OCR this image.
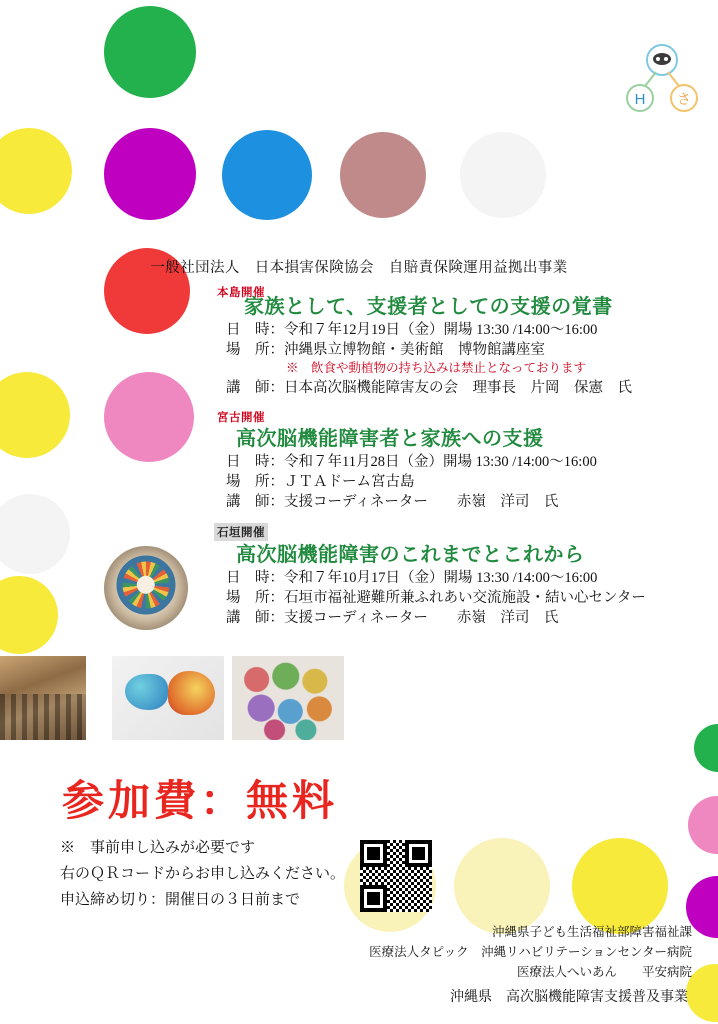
H さ
一般社団法人　日本損害保険協会　自賠責保険運用益拠出事業
本島開催
家族として、支援者としての支援の覚書
日　時：令和７年12月19日（金）開場 13:30 /14:00〜16:00
場　所：沖縄県立博物館・美術館　博物館講座室
※　飲食や動植物の持ち込みは禁止となっております
講　師：日本高次脳機能障害友の会　理事長　片岡　保憲　氏
宮古開催
高次脳機能障害者と家族への支援
日　時：令和７年11月28日（金）開場 13:30 /14:00〜16:00
場　所：ＪＴＡドーム宮古島
講　師：支援コーディネーター　　赤嶺　洋司　氏
石垣開催
高次脳機能障害のこれまでとこれから
日　時：令和７年10月17日（金）開場 13:30 /14:00〜16:00
場　所：石垣市福祉避難所兼ふれあい交流施設・結い心センター
講　師：支援コーディネーター　　赤嶺　洋司　氏
参加費：無料
※　事前申し込みが必要です
右のＱＲコードからお申し込みください。
申込締め切り：開催日の３日前まで
沖縄県子ども生活福祉部障害福祉課
医療法人タピック　沖縄リハビリテーションセンター病院
医療法人へいあん　　平安病院
沖縄県　高次脳機能障害支援普及事業
